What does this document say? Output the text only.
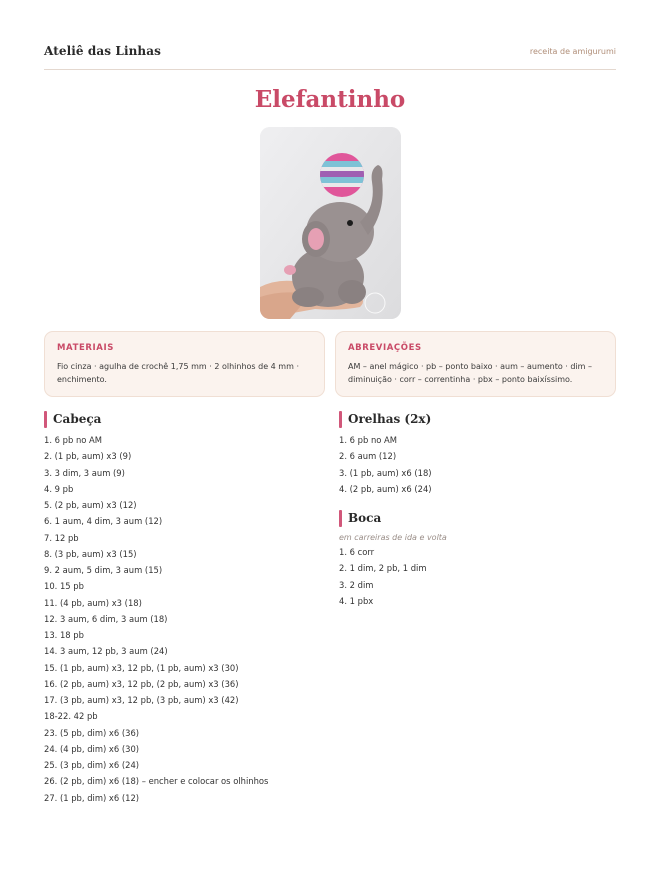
Ateliê das Linhas	receita de amigurumi
Elefantinho
MATERIAIS
Fio cinza · agulha de crochê 1,75 mm · 2 olhinhos de 4 mm · enchimento.
ABREVIAÇÕES
AM – anel mágico · pb – ponto baixo · aum – aumento · dim – diminuição · corr – correntinha · pbx – ponto baixíssimo.
Cabeça
1. 6 pb no AM
2. (1 pb, aum) x3 (9)
3. 3 dim, 3 aum (9)
4. 9 pb
5. (2 pb, aum) x3 (12)
6. 1 aum, 4 dim, 3 aum (12)
7. 12 pb
8. (3 pb, aum) x3 (15)
9. 2 aum, 5 dim, 3 aum (15)
10. 15 pb
11. (4 pb, aum) x3 (18)
12. 3 aum, 6 dim, 3 aum (18)
13. 18 pb
14. 3 aum, 12 pb, 3 aum (24)
15. (1 pb, aum) x3, 12 pb, (1 pb, aum) x3 (30)
16. (2 pb, aum) x3, 12 pb, (2 pb, aum) x3 (36)
17. (3 pb, aum) x3, 12 pb, (3 pb, aum) x3 (42)
18-22. 42 pb
23. (5 pb, dim) x6 (36)
24. (4 pb, dim) x6 (30)
25. (3 pb, dim) x6 (24)
26. (2 pb, dim) x6 (18) – encher e colocar os olhinhos
27. (1 pb, dim) x6 (12)
Orelhas (2x)
1. 6 pb no AM
2. 6 aum (12)
3. (1 pb, aum) x6 (18)
4. (2 pb, aum) x6 (24)
Boca
em carreiras de ida e volta
1. 6 corr
2. 1 dim, 2 pb, 1 dim
3. 2 dim
4. 1 pbx
